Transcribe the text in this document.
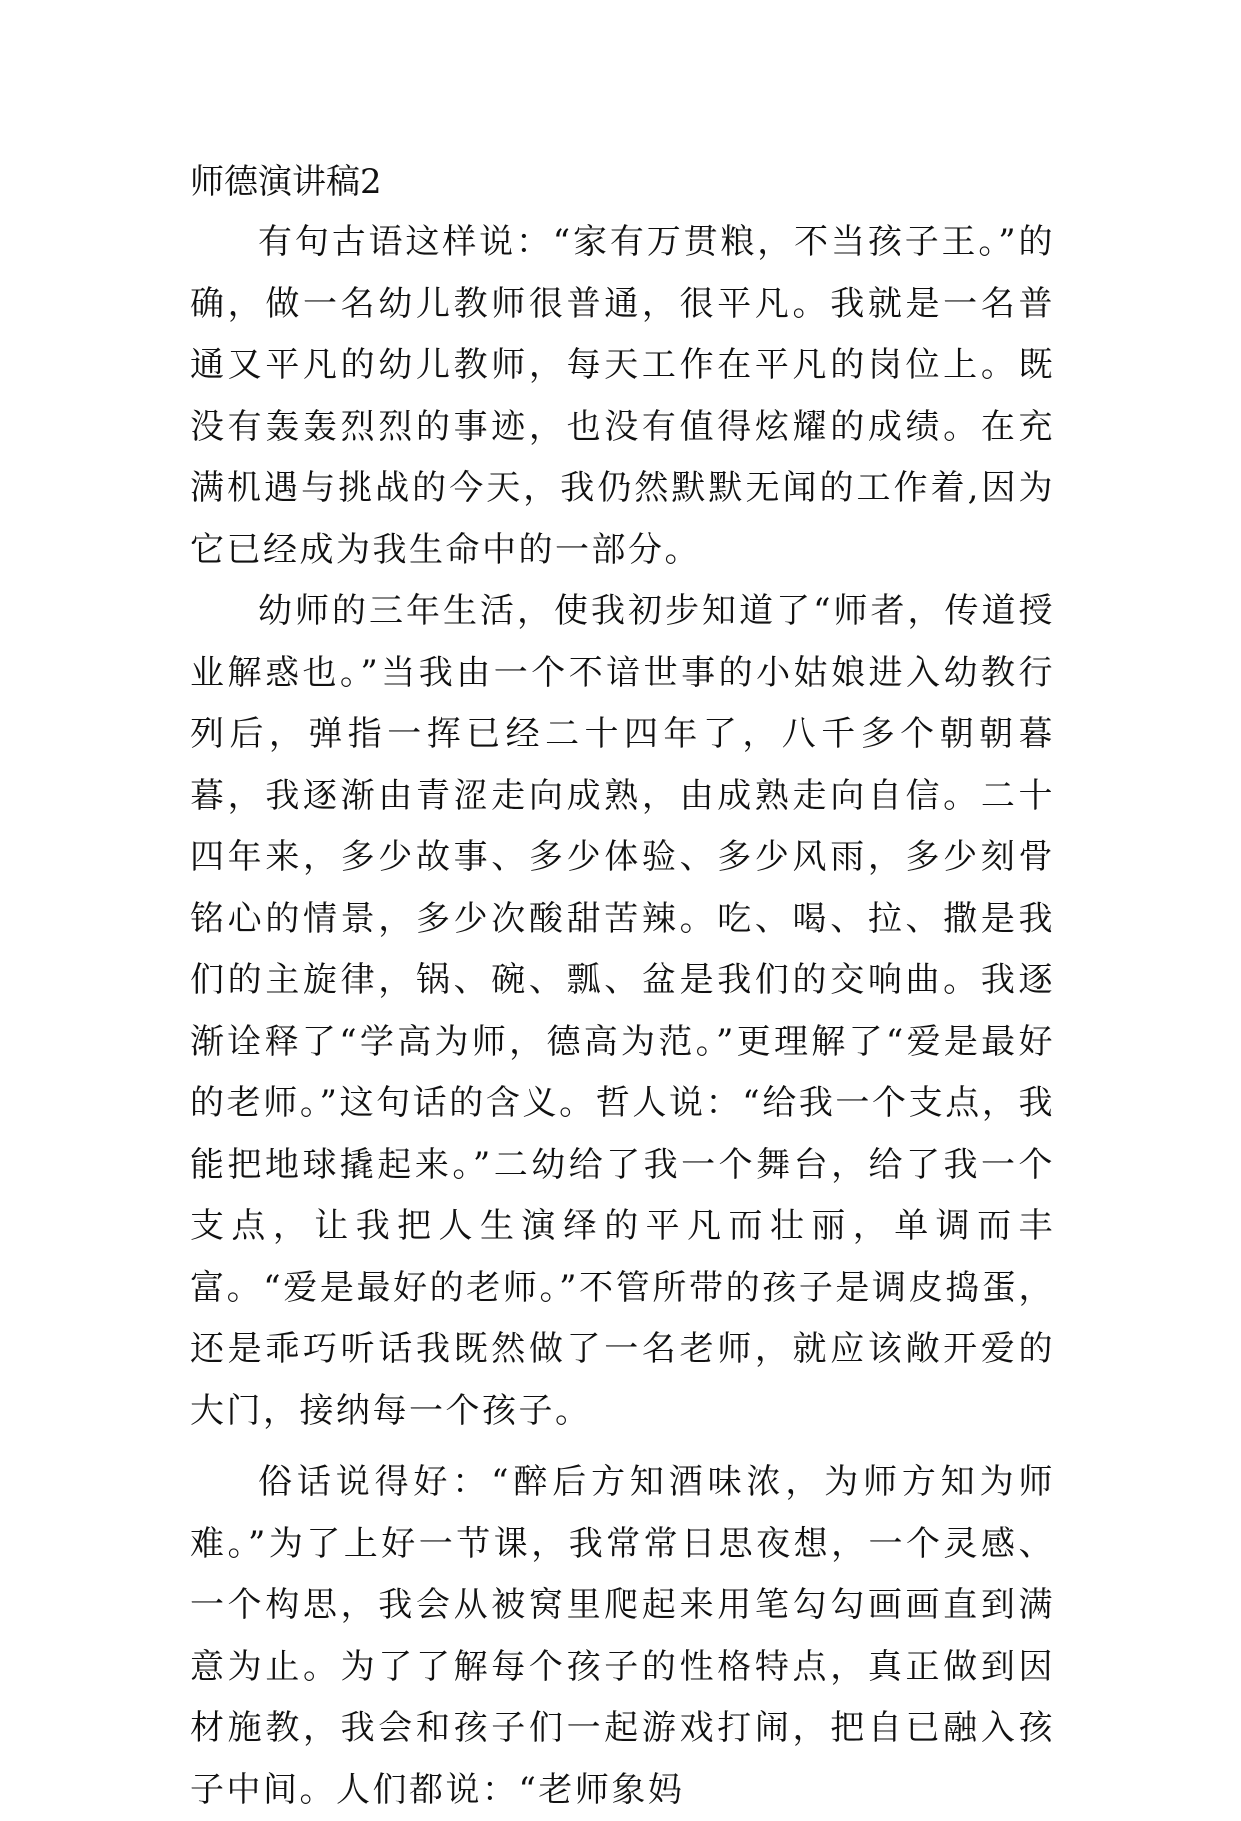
师德演讲稿2

有句古语这样说：“家有万贯粮，不当孩子王。”的确，做一名幼儿教师很普通，很平凡。我就是一名普通又平凡的幼儿教师，每天工作在平凡的岗位上。既没有轰轰烈烈的事迹，也没有值得炫耀的成绩。在充满机遇与挑战的今天，我仍然默默无闻的工作着,因为它已经成为我生命中的一部分。

幼师的三年生活，使我初步知道了“师者，传道授业解惑也。”当我由一个不谙世事的小姑娘进入幼教行列后，弹指一挥已经二十四年了，八千多个朝朝暮暮，我逐渐由青涩走向成熟，由成熟走向自信。二十四年来，多少故事、多少体验、多少风雨，多少刻骨铭心的情景，多少次酸甜苦辣。吃、喝、拉、撒是我们的主旋律，锅、碗、瓢、盆是我们的交响曲。我逐渐诠释了“学高为师，德高为范。”更理解了“爱是最好的老师。”这句话的含义。哲人说：“给我一个支点，我能把地球撬起来。”二幼给了我一个舞台，给了我一个支点，让我把人生演绎的平凡而壮丽，单调而丰富。“爱是最好的老师。”不管所带的孩子是调皮捣蛋，还是乖巧听话我既然做了一名老师，就应该敞开爱的大门，接纳每一个孩子。

俗话说得好：“醉后方知酒味浓，为师方知为师难。”为了上好一节课，我常常日思夜想，一个灵感、一个构思，我会从被窝里爬起来用笔勾勾画画直到满意为止。为了了解每个孩子的性格特点，真正做到因材施教，我会和孩子们一起游戏打闹，把自已融入孩子中间。人们都说：“老师象妈
